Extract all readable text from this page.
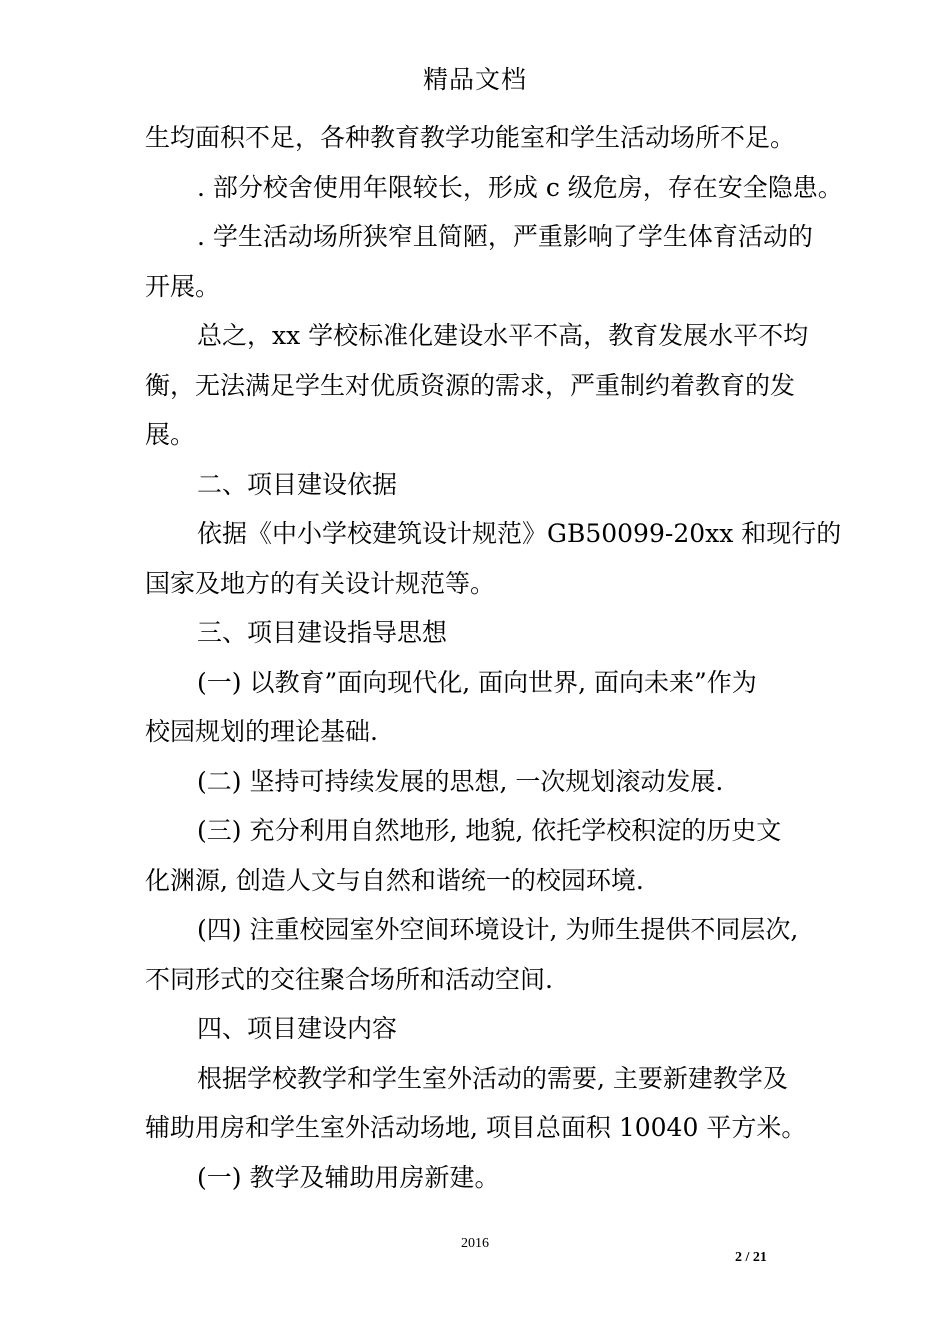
精品文档

生均面积不足，各种教育教学功能室和学生活动场所不足。

. 部分校舍使用年限较长，形成 c 级危房，存在安全隐患。

. 学生活动场所狭窄且简陋，严重影响了学生体育活动的

开展。

总之，xx 学校标准化建设水平不高，教育发展水平不均

衡，无法满足学生对优质资源的需求，严重制约着教育的发

展。

二、项目建设依据

依据《中小学校建筑设计规范》GB50099-20xx 和现行的

国家及地方的有关设计规范等。

三、项目建设指导思想

(一) 以教育”面向现代化, 面向世界, 面向未来”作为

校园规划的理论基础.

(二) 坚持可持续发展的思想, 一次规划滚动发展.

(三) 充分利用自然地形, 地貌, 依托学校积淀的历史文

化渊源, 创造人文与自然和谐统一的校园环境.

(四) 注重校园室外空间环境设计, 为师生提供不同层次,

不同形式的交往聚合场所和活动空间.

四、项目建设内容

根据学校教学和学生室外活动的需要, 主要新建教学及

辅助用房和学生室外活动场地, 项目总面积 10040 平方米。

(一) 教学及辅助用房新建。

2016
2 / 21
